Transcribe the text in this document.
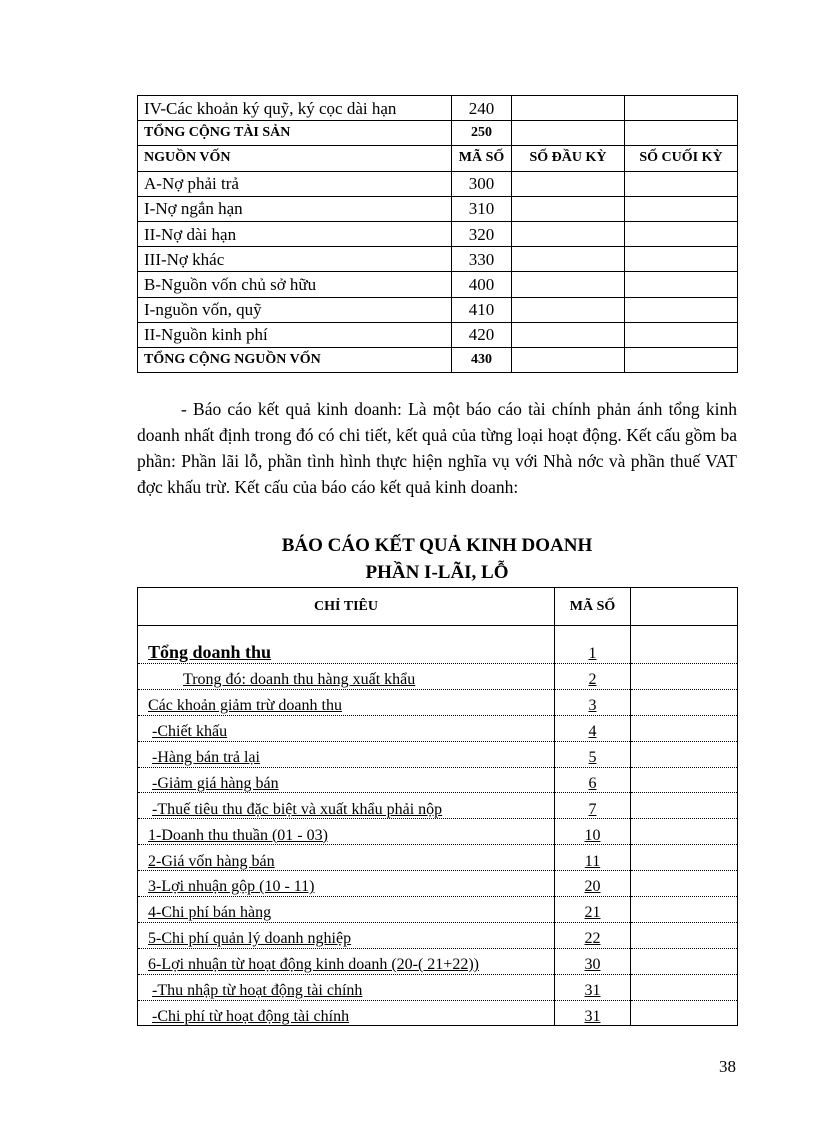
IV-Các khoản ký quỹ, ký cọc dài hạn	240		
TỔNG CỘNG TÀI SẢN	250		
NGUỒN VỐN	MÃ SỐ	SỐ ĐẦU KỲ	SỐ CUỐI KỲ
A-Nợ phải trả	300		
I-Nợ ngắn hạn	310		
II-Nợ dài hạn	320		
III-Nợ khác	330		
B-Nguồn vốn chủ sở hữu	400		
I-nguồn vốn, quỹ	410		
II-Nguồn kinh phí	420		
TỔNG CỘNG NGUỒN VỐN	430		

- Báo cáo kết quả kinh doanh: Là một báo cáo tài chính phản ánh tổng kinh doanh nhất định trong đó có chi tiết, kết quả của từng loại hoạt động. Kết cấu gồm ba phần: Phần lãi lỗ, phần tình hình thực hiện nghĩa vụ với Nhà nớc và phần thuế VAT đợc khấu trừ. Kết cấu của báo cáo kết quả kinh doanh:

BÁO CÁO KẾT QUẢ KINH DOANH
PHẦN I-LÃI, LỖ
CHỈ TIÊU	MÃ SỐ	
Tổng doanh thu	1	
Trong đó: doanh thu hàng xuất khẩu	2	
Các khoản giảm trừ doanh thu	3	
-Chiết khấu	4	
-Hàng bán trả lại	5	
-Giảm giá hàng bán	6	
-Thuế tiêu thu đặc biệt và xuất khẩu phải nộp	7	
1-Doanh thu thuần (01 - 03)	10	
2-Giá vốn hàng bán	11	
3-Lợi nhuận gộp (10 - 11)	20	
4-Chi phí bán hàng	21	
5-Chi phí quản lý doanh nghiệp	22	
6-Lợi nhuận từ hoạt động kinh doanh (20-( 21+22))	30	
-Thu nhập từ hoạt động tài chính	31	
-Chi phí từ hoạt động tài chính	31	
38
